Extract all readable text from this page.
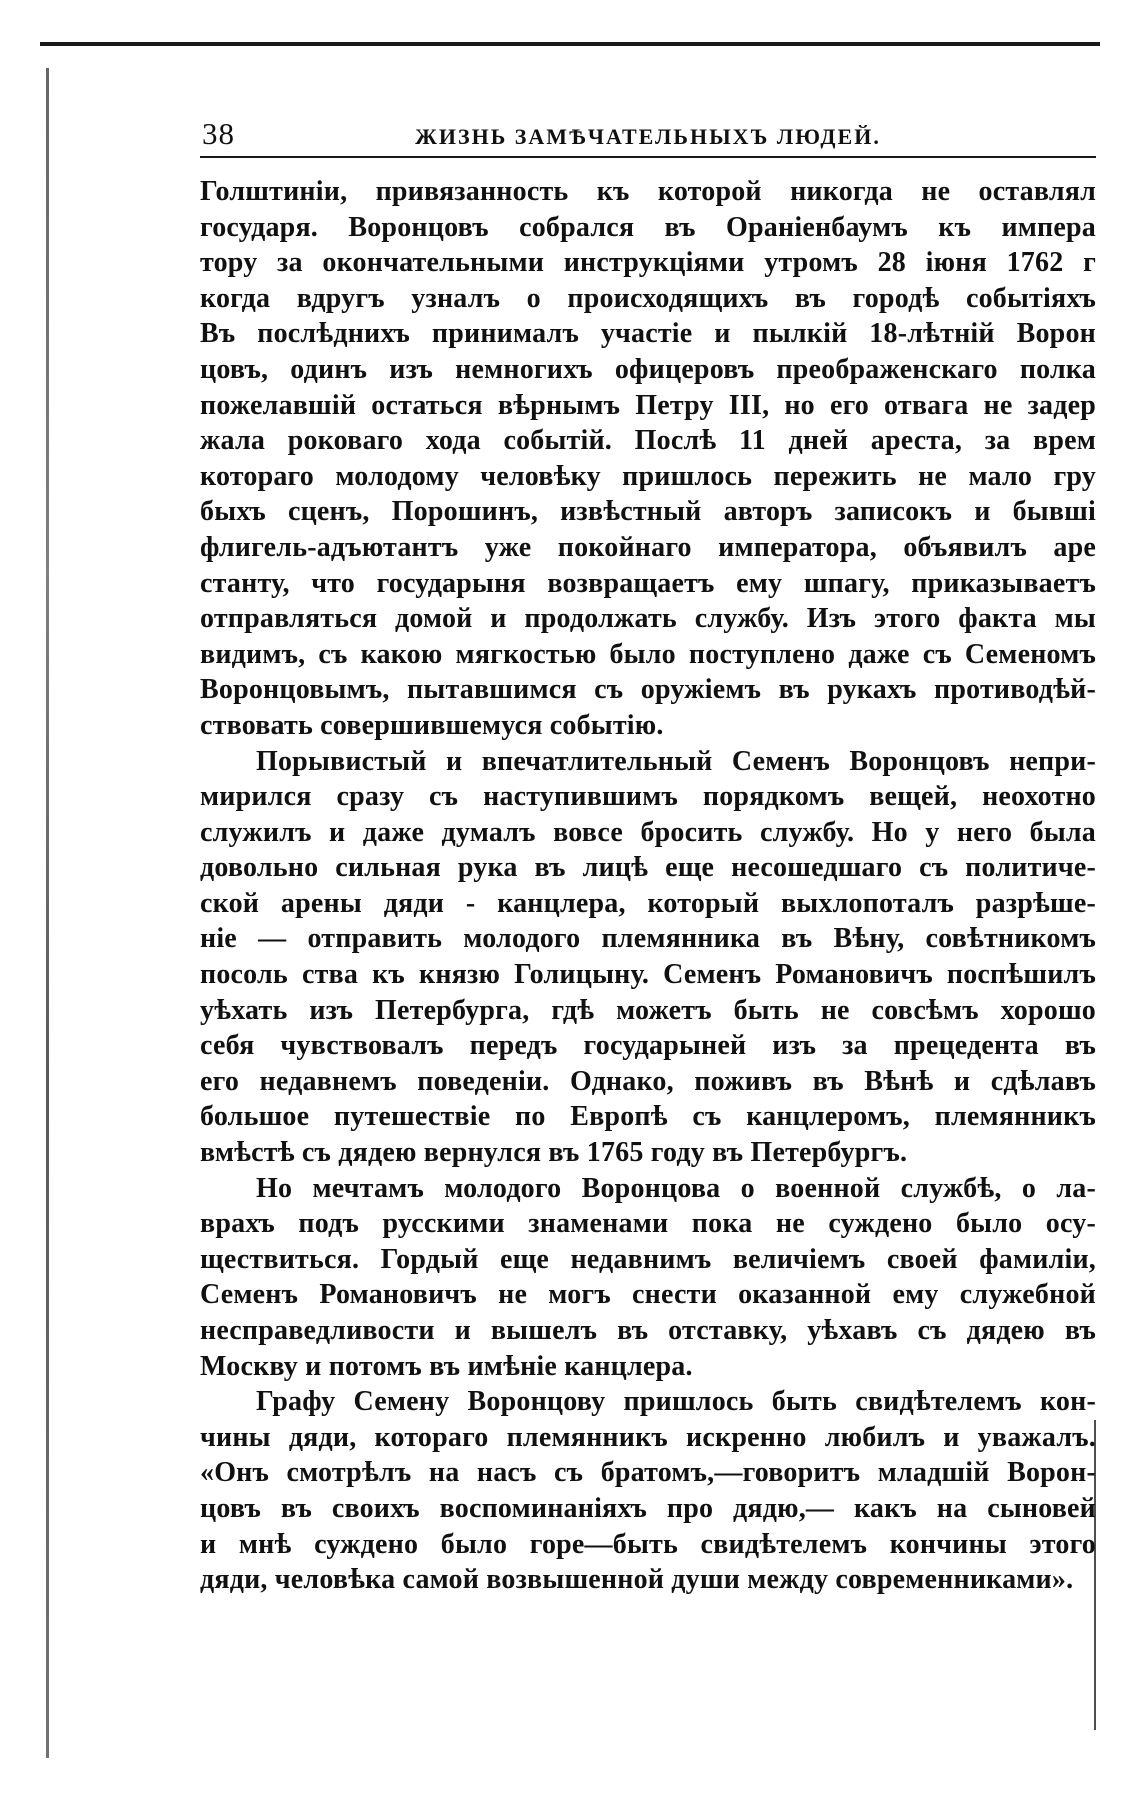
38	ЖИЗНЬ ЗАМѢЧАТЕЛЬНЫХЪ ЛЮДЕЙ.
Голштиніи, привязанность къ которой никогда не оставлял
государя. Воронцовъ собрался въ Ораніенбаумъ къ импера
тору за окончательными инструкціями утромъ 28 іюня 1762 г
когда вдругъ узналъ о происходящихъ въ городѣ событіяхъ
Въ послѣднихъ принималъ участіе и пылкій 18-лѣтній Ворон
цовъ, одинъ изъ немногихъ офицеровъ преображенскаго полка
пожелавшій остаться вѣрнымъ Петру III, но его отвага не задер
жала роковаго хода событій. Послѣ 11 дней ареста, за врем
котораго молодому человѣку пришлось пережить не мало гру
быхъ сценъ, Порошинъ, извѣстный авторъ записокъ и бывші
флигель-адъютантъ уже покойнаго императора, объявилъ аре
станту, что государыня возвращаетъ ему шпагу, приказываетъ
отправляться домой и продолжать службу. Изъ этого факта мы
видимъ, съ какою мягкостью было поступлено даже съ Семеномъ
Воронцовымъ, пытавшимся съ оружіемъ въ рукахъ противодѣй-
ствовать совершившемуся событію.
Порывистый и впечатлительный Семенъ Воронцовъ непри-
мирился сразу съ наступившимъ порядкомъ вещей, неохотно
служилъ и даже думалъ вовсе бросить службу. Но у него была
довольно сильная рука въ лицѣ еще несошедшаго съ политиче-
ской арены дяди - канцлера, который выхлопоталъ разрѣше-
ніе — отправить молодого племянника въ Вѣну, совѣтникомъ
посоль ства къ князю Голицыну. Семенъ Романовичъ поспѣшилъ
уѣхать изъ Петербурга, гдѣ можетъ быть не совсѣмъ хорошо
себя чувствовалъ передъ государыней изъ за прецедента въ
его недавнемъ поведеніи. Однако, поживъ въ Вѣнѣ и сдѣлавъ
большое путешествіе по Европѣ съ канцлеромъ, племянникъ
вмѣстѣ съ дядею вернулся въ 1765 году въ Петербургъ.
Но мечтамъ молодого Воронцова о военной службѣ, о ла-
врахъ подъ русскими знаменами пока не суждено было осу-
ществиться. Гордый еще недавнимъ величіемъ своей фамиліи,
Семенъ Романовичъ не могъ снести оказанной ему служебной
несправедливости и вышелъ въ отставку, уѣхавъ съ дядею въ
Москву и потомъ въ имѣніе канцлера.
Графу Семену Воронцову пришлось быть свидѣтелемъ кон-
чины дяди, котораго племянникъ искренно любилъ и уважалъ.
«Онъ смотрѣлъ на насъ съ братомъ,—говоритъ младшій Ворон-
цовъ въ своихъ воспоминаніяхъ про дядю,— какъ на сыновей
и мнѣ суждено было горе—быть свидѣтелемъ кончины этого
дяди, человѣка самой возвышенной души между современниками».
